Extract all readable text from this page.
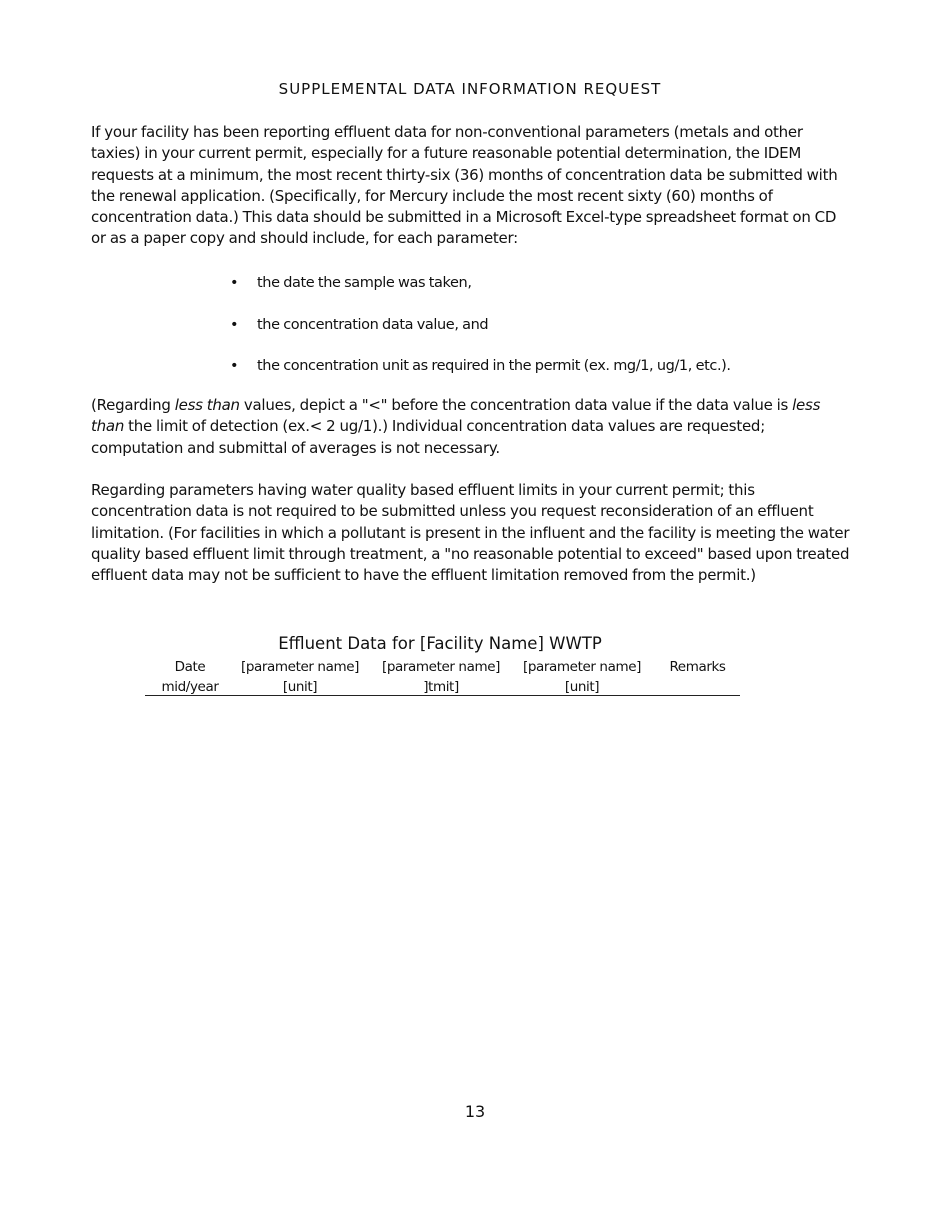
SUPPLEMENTAL DATA INFORMATION REQUEST

If your facility has been reporting effluent data for non-conventional parameters (metals and other taxies) in your current permit, especially for a future reasonable potential determination, the IDEM requests at a minimum, the most recent thirty-six (36) months of concentration data be submitted with the renewal application. (Specifically, for Mercury include the most recent sixty (60) months of concentration data.) This data should be submitted in a Microsoft Excel-type spreadsheet format on CD or as a paper copy and should include, for each parameter:

• the date the sample was taken,
• the concentration data value, and
• the concentration unit as required in the permit (ex. mg/1, ug/1, etc.).

(Regarding less than values, depict a "<" before the concentration data value if the data value is less than the limit of detection (ex.< 2 ug/1).) Individual concentration data values are requested; computation and submittal of averages is not necessary.

Regarding parameters having water quality based effluent limits in your current permit; this concentration data is not required to be submitted unless you request reconsideration of an effluent limitation. (For facilities in which a pollutant is present in the influent and the facility is meeting the water quality based effluent limit through treatment, a "no reasonable potential to exceed" based upon treated effluent data may not be sufficient to have the effluent limitation removed from the permit.)

Effluent Data for [Facility Name] WWTP
Date
mid/year
[parameter name]
[unit]
[parameter name]
]tmit]
[parameter name]
[unit]
Remarks
13
